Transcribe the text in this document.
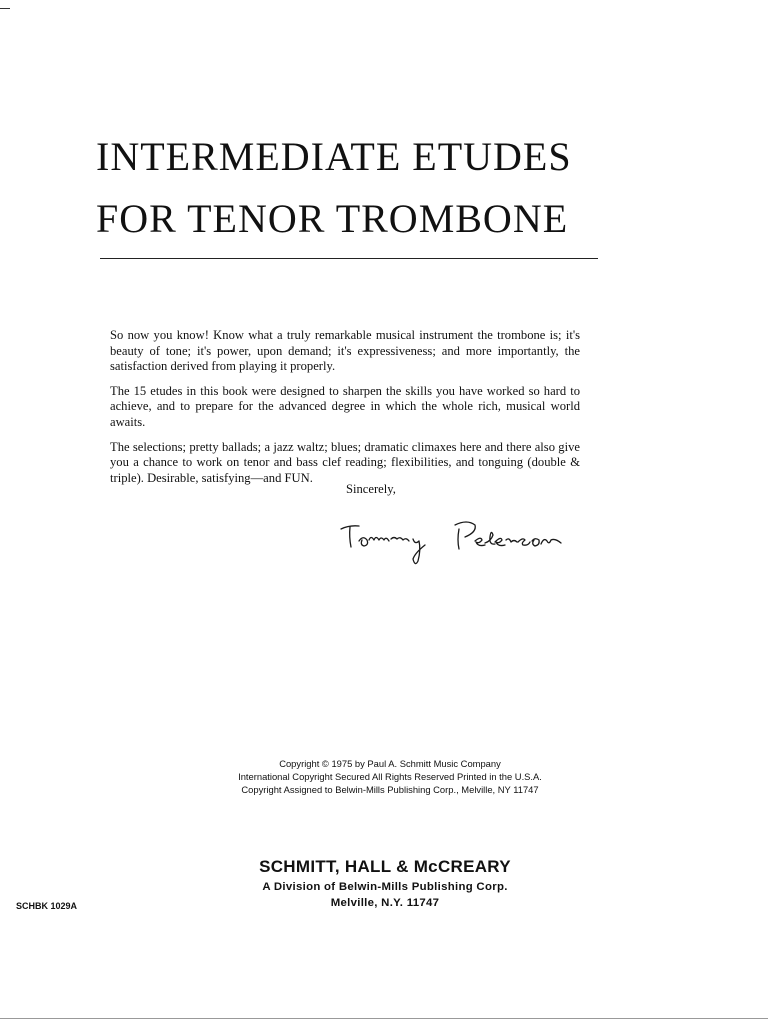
INTERMEDIATE ETUDES
FOR TENOR TROMBONE

So now you know! Know what a truly remarkable musical instrument the trombone is; it's beauty of tone; it's power, upon demand; it's expressiveness; and more importantly, the satisfaction derived from playing it properly.

The 15 etudes in this book were designed to sharpen the skills you have worked so hard to achieve, and to prepare for the advanced degree in which the whole rich, musical world awaits.

The selections; pretty ballads; a jazz waltz; blues; dramatic climaxes here and there also give you a chance to work on tenor and bass clef reading; flexibilities, and tonguing (double & triple). Desirable, satisfying—and FUN.

Sincerely,
Copyright © 1975 by Paul A. Schmitt Music Company
International Copyright Secured All Rights Reserved Printed in the U.S.A.
Copyright Assigned to Belwin-Mills Publishing Corp., Melville, NY 11747
SCHMITT, HALL & McCREARY
A Division of Belwin-Mills Publishing Corp.
Melville, N.Y. 11747
SCHBK 1029A
